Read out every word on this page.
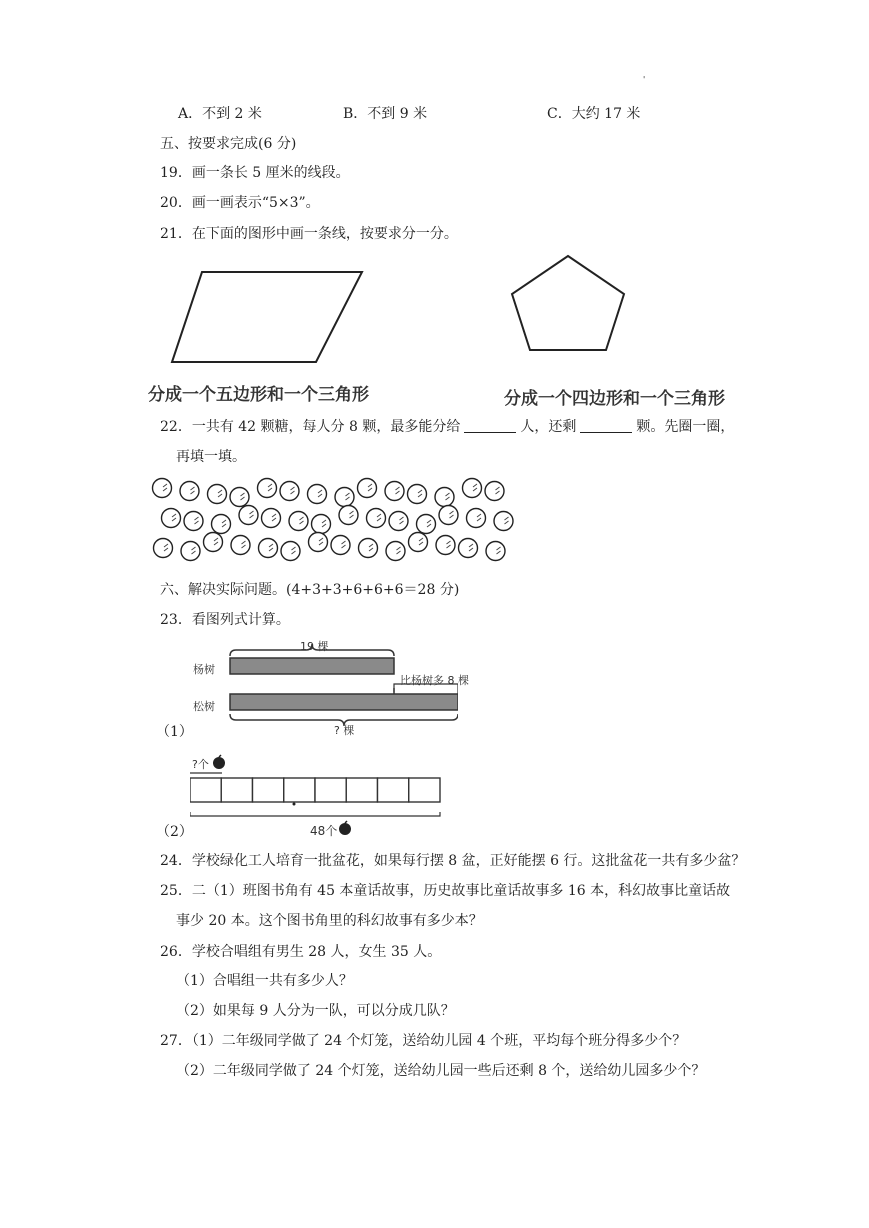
'
A．不到 2 米	B．不到 9 米	C．大约 17 米
五、按要求完成(6 分)
19．画一条长 5 厘米的线段。
20．画一画表示“5×3”。
21．在下面的图形中画一条线，按要求分一分。
分成一个五边形和一个三角形	分成一个四边形和一个三角形
22．一共有 42 颗糖，每人分 8 颗，最多能分给	人，还剩	颗。先圈一圈，
再填一填。
六、解决实际问题。(4+3+3+6+6+6＝28 分)
23．看图列式计算。
19 棵
杨树
松树
比杨树多 8 棵
? 棵
（1）
?个
（2）	48个
24．学校绿化工人培育一批盆花，如果每行摆 8 盆，正好能摆 6 行。这批盆花一共有多少盆？
25．二（1）班图书角有 45 本童话故事，历史故事比童话故事多 16 本，科幻故事比童话故
事少 20 本。这个图书角里的科幻故事有多少本？
26．学校合唱组有男生 28 人，女生 35 人。
（1）合唱组一共有多少人？
（2）如果每 9 人分为一队，可以分成几队？
27．（1）二年级同学做了 24 个灯笼，送给幼儿园 4 个班，平均每个班分得多少个？
（2）二年级同学做了 24 个灯笼，送给幼儿园一些后还剩 8 个，送给幼儿园多少个？
